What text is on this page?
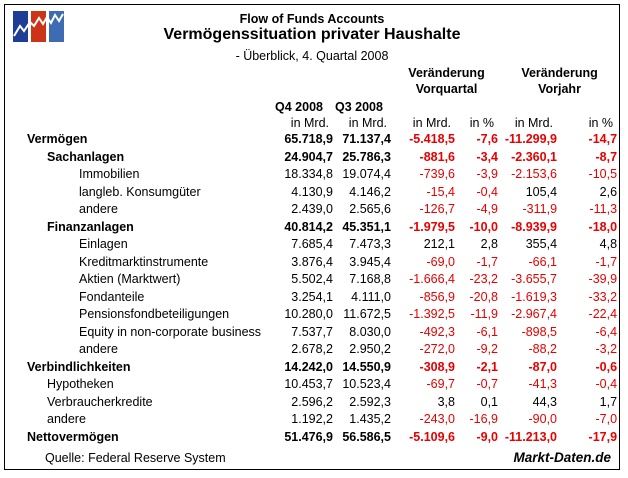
Flow of Funds Accounts
Vermögenssituation privater Haushalte
- Überblick, 4. Quartal 2008

Veränderung
Vorquartal

Veränderung
Vorjahr

	Q4 2008	Q3 2008				
	in Mrd.	in Mrd.	in Mrd.	in %	in Mrd.	in %
Vermögen	65.718,9	71.137,4	-5.418,5	-7,6	-11.299,9	-14,7
Sachanlagen	24.904,7	25.786,3	-881,6	-3,4	-2.360,1	-8,7
Immobilien	18.334,8	19.074,4	-739,6	-3,9	-2.153,6	-10,5
langleb. Konsumgüter	4.130,9	4.146,2	-15,4	-0,4	105,4	2,6
andere	2.439,0	2.565,6	-126,7	-4,9	-311,9	-11,3
Finanzanlagen	40.814,2	45.351,1	-1.979,5	-10,0	-8.939,9	-18,0
Einlagen	7.685,4	7.473,3	212,1	2,8	355,4	4,8
Kreditmarktinstrumente	3.876,4	3.945,4	-69,0	-1,7	-66,1	-1,7
Aktien (Marktwert)	5.502,4	7.168,8	-1.666,4	-23,2	-3.655,7	-39,9
Fondanteile	3.254,1	4.111,0	-856,9	-20,8	-1.619,3	-33,2
Pensionsfondbeteiligungen	10.280,0	11.672,5	-1.392,5	-11,9	-2.967,4	-22,4
Equity in non-corporate business	7.537,7	8.030,0	-492,3	-6,1	-898,5	-6,4
andere	2.678,2	2.950,2	-272,0	-9,2	-88,2	-3,2
Verbindlichkeiten	14.242,0	14.550,9	-308,9	-2,1	-87,0	-0,6
Hypotheken	10.453,7	10.523,4	-69,7	-0,7	-41,3	-0,4
Verbraucherkredite	2.596,2	2.592,3	3,8	0,1	44,3	1,7
andere	1.192,2	1.435,2	-243,0	-16,9	-90,0	-7,0
Nettovermögen	51.476,9	56.586,5	-5.109,6	-9,0	-11.213,0	-17,9
Quelle: Federal Reserve System	Markt-Daten.de
